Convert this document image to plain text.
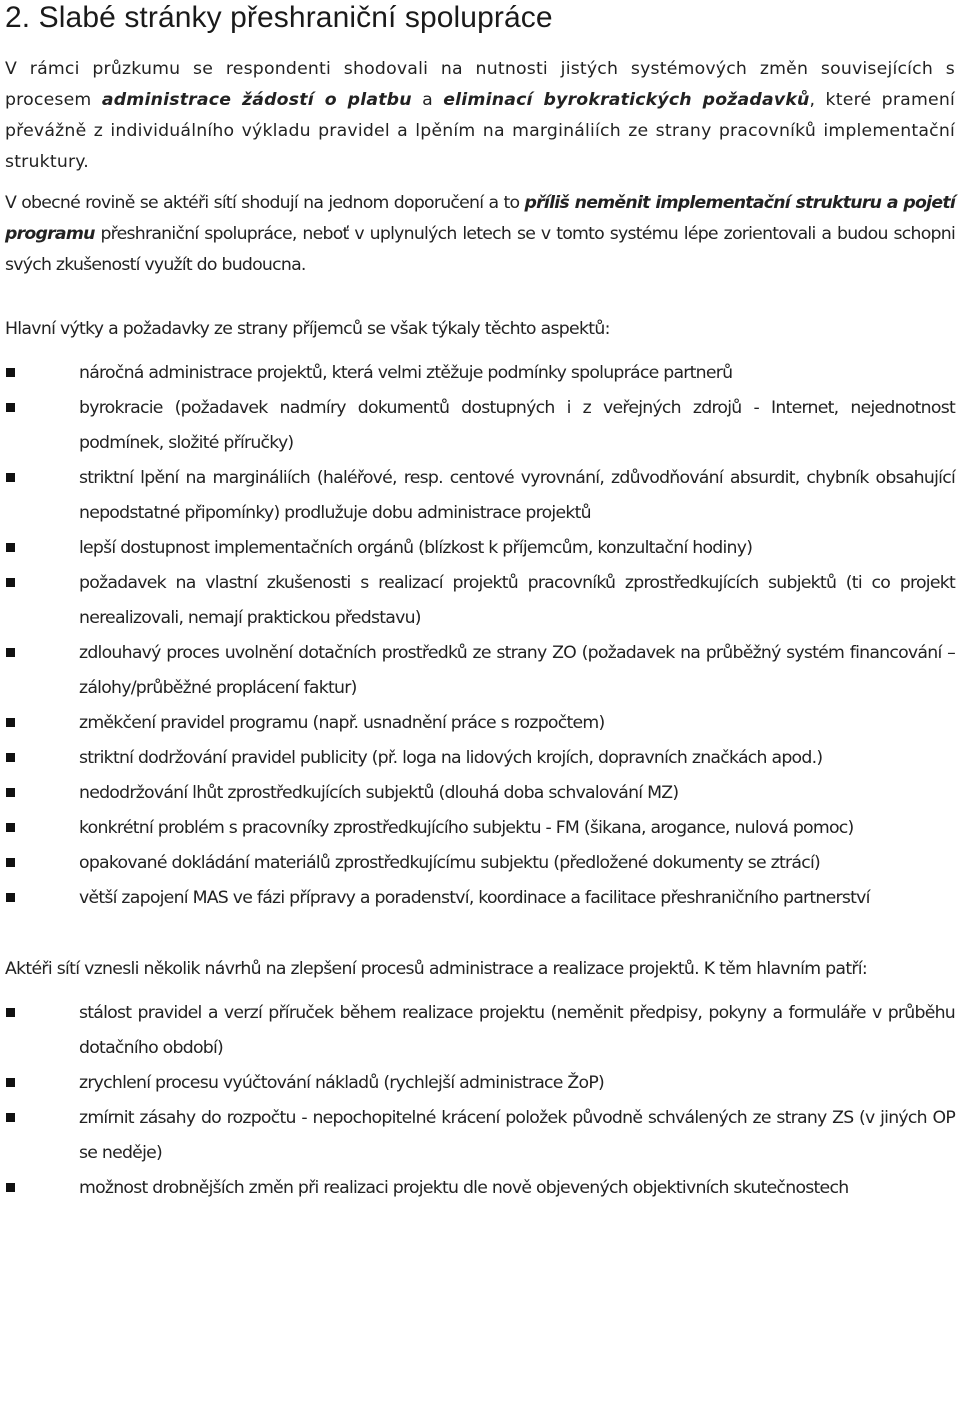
2. Slabé stránky přeshraniční spolupráce

V rámci průzkumu se respondenti shodovali na nutnosti jistých systémových změn souvisejících s procesem administrace žádostí o platbu a eliminací byrokratických požadavků, které pramení převážně z individuálního výkladu pravidel a lpěním na margináliích ze strany pracovníků implementační struktury.

V obecné rovině se aktéři sítí shodují na jednom doporučení a to příliš neměnit implementační strukturu a pojetí programu přeshraniční spolupráce, neboť v uplynulých letech se v tomto systému lépe zorientovali a budou schopni svých zkušeností využít do budoucna.

Hlavní výtky a požadavky ze strany příjemců se však týkaly těchto aspektů:

náročná administrace projektů, která velmi ztěžuje podmínky spolupráce partnerů
byrokracie (požadavek nadmíry dokumentů dostupných i z veřejných zdrojů - Internet, nejednotnost podmínek, složité příručky)
striktní lpění na margináliích (haléřové, resp. centové vyrovnání, zdůvodňování absurdit, chybník obsahující nepodstatné připomínky) prodlužuje dobu administrace projektů
lepší dostupnost implementačních orgánů (blízkost k příjemcům, konzultační hodiny)
požadavek na vlastní zkušenosti s realizací projektů pracovníků zprostředkujících subjektů (ti co projekt nerealizovali, nemají praktickou představu)
zdlouhavý proces uvolnění dotačních prostředků ze strany ZO (požadavek na průběžný systém financování – zálohy/průběžné proplácení faktur)
změkčení pravidel programu (např. usnadnění práce s rozpočtem)
striktní dodržování pravidel publicity (př. loga na lidových krojích, dopravních značkách apod.)
nedodržování lhůt zprostředkujících subjektů (dlouhá doba schvalování MZ)
konkrétní problém s pracovníky zprostředkujícího subjektu - FM (šikana, arogance, nulová pomoc)
opakované dokládání materiálů zprostředkujícímu subjektu (předložené dokumenty se ztrácí)
větší zapojení MAS ve fázi přípravy a poradenství, koordinace a facilitace přeshraničního partnerství

Aktéři sítí vznesli několik návrhů na zlepšení procesů administrace a realizace projektů. K těm hlavním patří:

stálost pravidel a verzí příruček během realizace projektu (neměnit předpisy, pokyny a formuláře v průběhu dotačního období)
zrychlení procesu vyúčtování nákladů (rychlejší administrace ŽoP)
zmírnit zásahy do rozpočtu - nepochopitelné krácení položek původně schválených ze strany ZS (v jiných OP se neděje)
možnost drobnějších změn při realizaci projektu dle nově objevených objektivních skutečnostech
